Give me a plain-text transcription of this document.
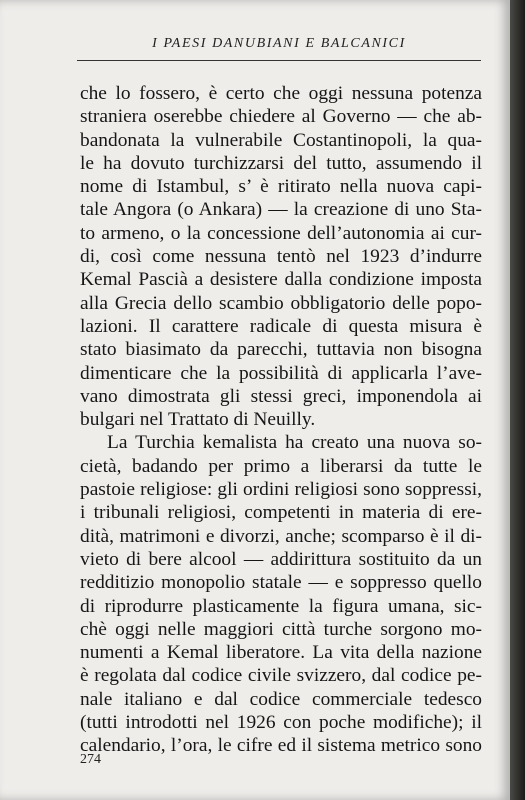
I PAESI DANUBIANI E BALCANICI
che lo fossero, è certo che oggi nessuna potenza
straniera oserebbe chiedere al Governo — che ab-
bandonata la vulnerabile Costantinopoli, la qua-
le ha dovuto turchizzarsi del tutto, assumendo il
nome di Istambul, s’ è ritirato nella nuova capi-
tale Angora (o Ankara) — la creazione di uno Sta-
to armeno, o la concessione dell’autonomia ai cur-
di, così come nessuna tentò nel 1923 d’indurre
Kemal Pascià a desistere dalla condizione imposta
alla Grecia dello scambio obbligatorio delle popo-
lazioni. Il carattere radicale di questa misura è
stato biasimato da parecchi, tuttavia non bisogna
dimenticare che la possibilità di applicarla l’ave-
vano dimostrata gli stessi greci, imponendola ai
bulgari nel Trattato di Neuilly.
La Turchia kemalista ha creato una nuova so-
cietà, badando per primo a liberarsi da tutte le
pastoie religiose: gli ordini religiosi sono soppressi,
i tribunali religiosi, competenti in materia di ere-
dità, matrimoni e divorzi, anche; scomparso è il di-
vieto di bere alcool — addirittura sostituito da un
redditizio monopolio statale — e soppresso quello
di riprodurre plasticamente la figura umana, sic-
chè oggi nelle maggiori città turche sorgono mo-
numenti a Kemal liberatore. La vita della nazione
è regolata dal codice civile svizzero, dal codice pe-
nale italiano e dal codice commerciale tedesco
(tutti introdotti nel 1926 con poche modifiche); il
calendario, l’ora, le cifre ed il sistema metrico sono
274
